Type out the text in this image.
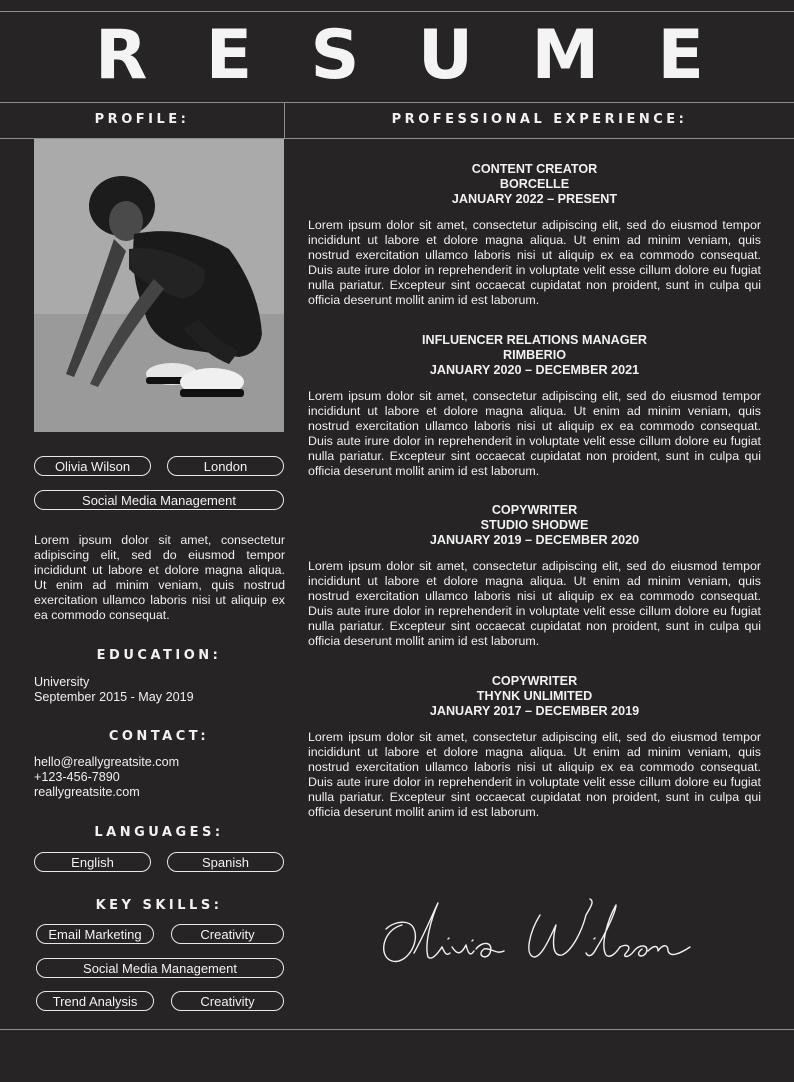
R E S U M E
PROFILE:	PROFESSIONAL EXPERIENCE:
Olivia Wilson	London
Social Media Management
Lorem ipsum dolor sit amet, consectetur adipiscing elit, sed do eiusmod tempor incididunt ut labore et dolore magna aliqua. Ut enim ad minim veniam, quis nostrud exercitation ullamco laboris nisi ut aliquip ex ea commodo consequat.
EDUCATION:
University
September 2015 - May 2019
CONTACT:
hello@reallygreatsite.com
+123-456-7890
reallygreatsite.com
LANGUAGES:
English	Spanish
KEY SKILLS:
Email Marketing	Creativity
Social Media Management
Trend Analysis	Creativity
CONTENT CREATOR
BORCELLE
JANUARY 2022 – PRESENT
Lorem ipsum dolor sit amet, consectetur adipiscing elit, sed do eiusmod tempor incididunt ut labore et dolore magna aliqua. Ut enim ad minim veniam, quis nostrud exercitation ullamco laboris nisi ut aliquip ex ea commodo consequat. Duis aute irure dolor in reprehenderit in voluptate velit esse cillum dolore eu fugiat nulla pariatur. Excepteur sint occaecat cupidatat non proident, sunt in culpa qui officia deserunt mollit anim id est laborum.
INFLUENCER RELATIONS MANAGER
RIMBERIO
JANUARY 2020 – DECEMBER 2021
Lorem ipsum dolor sit amet, consectetur adipiscing elit, sed do eiusmod tempor incididunt ut labore et dolore magna aliqua. Ut enim ad minim veniam, quis nostrud exercitation ullamco laboris nisi ut aliquip ex ea commodo consequat. Duis aute irure dolor in reprehenderit in voluptate velit esse cillum dolore eu fugiat nulla pariatur. Excepteur sint occaecat cupidatat non proident, sunt in culpa qui officia deserunt mollit anim id est laborum.
COPYWRITER
STUDIO SHODWE
JANUARY 2019 – DECEMBER 2020
Lorem ipsum dolor sit amet, consectetur adipiscing elit, sed do eiusmod tempor incididunt ut labore et dolore magna aliqua. Ut enim ad minim veniam, quis nostrud exercitation ullamco laboris nisi ut aliquip ex ea commodo consequat. Duis aute irure dolor in reprehenderit in voluptate velit esse cillum dolore eu fugiat nulla pariatur. Excepteur sint occaecat cupidatat non proident, sunt in culpa qui officia deserunt mollit anim id est laborum.
COPYWRITER
THYNK UNLIMITED
JANUARY 2017 – DECEMBER 2019
Lorem ipsum dolor sit amet, consectetur adipiscing elit, sed do eiusmod tempor incididunt ut labore et dolore magna aliqua. Ut enim ad minim veniam, quis nostrud exercitation ullamco laboris nisi ut aliquip ex ea commodo consequat. Duis aute irure dolor in reprehenderit in voluptate velit esse cillum dolore eu fugiat nulla pariatur. Excepteur sint occaecat cupidatat non proident, sunt in culpa qui officia deserunt mollit anim id est laborum.
